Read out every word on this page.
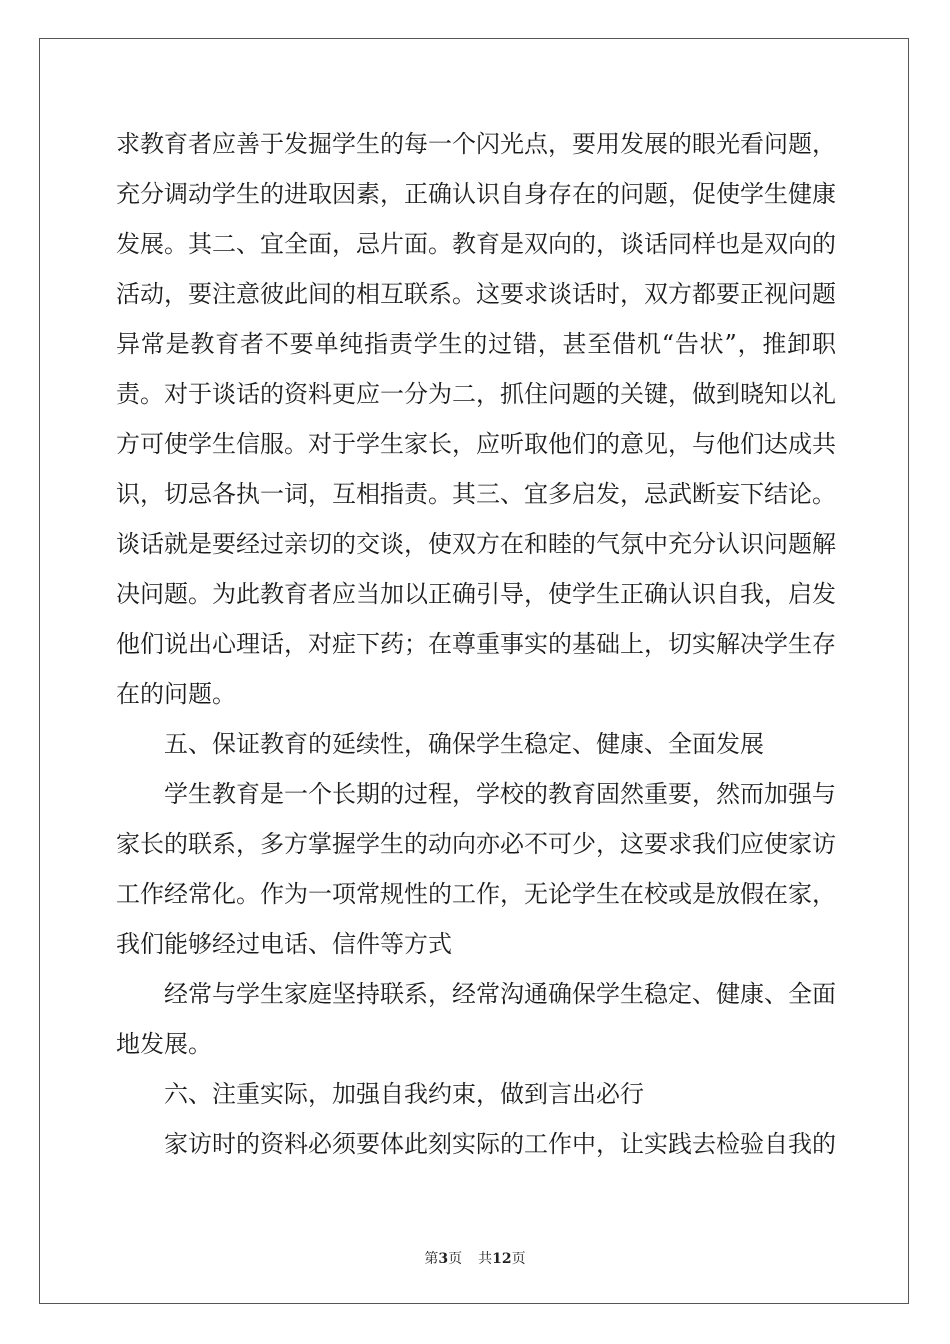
求教育者应善于发掘学生的每一个闪光点，要用发展的眼光看问题，
充分调动学生的进取因素，正确认识自身存在的问题，促使学生健康
发展。其二、宜全面，忌片面。教育是双向的，谈话同样也是双向的
活动，要注意彼此间的相互联系。这要求谈话时，双方都要正视问题
异常是教育者不要单纯指责学生的过错，甚至借机“告状”，推卸职
责。对于谈话的资料更应一分为二，抓住问题的关键，做到晓知以礼
方可使学生信服。对于学生家长，应听取他们的意见，与他们达成共
识，切忌各执一词，互相指责。其三、宜多启发，忌武断妄下结论。
谈话就是要经过亲切的交谈，使双方在和睦的气氛中充分认识问题解
决问题。为此教育者应当加以正确引导，使学生正确认识自我，启发
他们说出心理话，对症下药；在尊重事实的基础上，切实解决学生存
在的问题。
五、保证教育的延续性，确保学生稳定、健康、全面发展
学生教育是一个长期的过程，学校的教育固然重要，然而加强与
家长的联系，多方掌握学生的动向亦必不可少，这要求我们应使家访
工作经常化。作为一项常规性的工作，无论学生在校或是放假在家，
我们能够经过电话、信件等方式
经常与学生家庭坚持联系，经常沟通确保学生稳定、健康、全面
地发展。
六、注重实际，加强自我约束，做到言出必行
家访时的资料必须要体此刻实际的工作中，让实践去检验自我的
第3页 共12页
